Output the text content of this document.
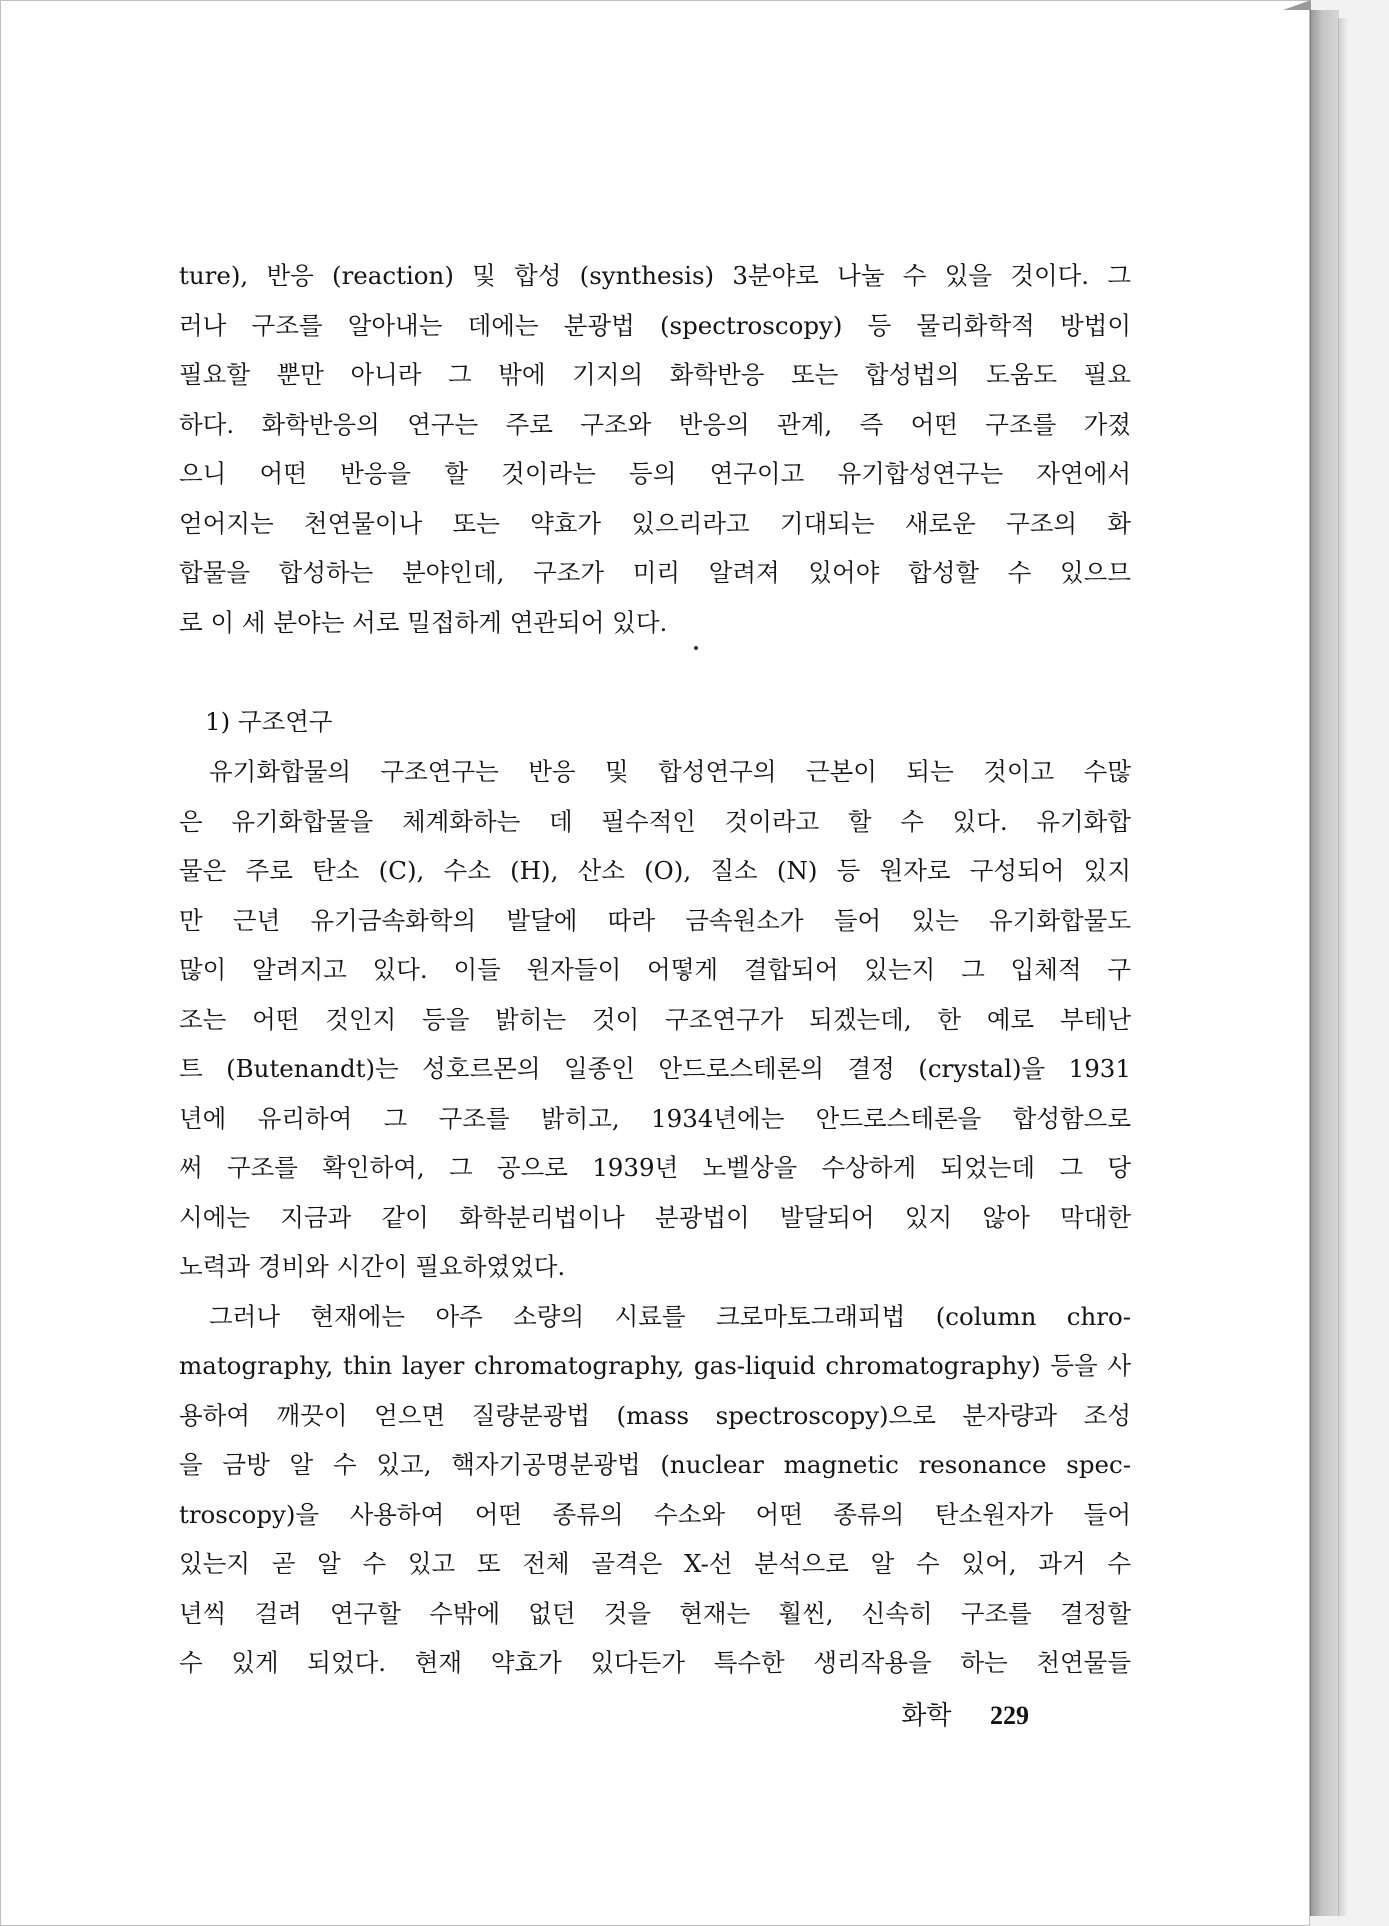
ture), 반응 (reaction) 및 합성 (synthesis) 3분야로 나눌 수 있을 것이다. 그
러나 구조를 알아내는 데에는 분광법 (spectroscopy) 등 물리화학적 방법이
필요할 뿐만 아니라 그 밖에 기지의 화학반응 또는 합성법의 도움도 필요
하다. 화학반응의 연구는 주로 구조와 반응의 관계, 즉 어떤 구조를 가졌
으니 어떤 반응을 할 것이라는 등의 연구이고 유기합성연구는 자연에서
얻어지는 천연물이나 또는 약효가 있으리라고 기대되는 새로운 구조의 화
합물을 합성하는 분야인데, 구조가 미리 알려져 있어야 합성할 수 있으므
로 이 세 분야는 서로 밀접하게 연관되어 있다.
1) 구조연구
유기화합물의 구조연구는 반응 및 합성연구의 근본이 되는 것이고 수많
은 유기화합물을 체계화하는 데 필수적인 것이라고 할 수 있다. 유기화합
물은 주로 탄소 (C), 수소 (H), 산소 (O), 질소 (N) 등 원자로 구성되어 있지
만 근년 유기금속화학의 발달에 따라 금속원소가 들어 있는 유기화합물도
많이 알려지고 있다. 이들 원자들이 어떻게 결합되어 있는지 그 입체적 구
조는 어떤 것인지 등을 밝히는 것이 구조연구가 되겠는데, 한 예로 부테난
트 (Butenandt)는 성호르몬의 일종인 안드로스테론의 결정 (crystal)을 1931
년에 유리하여 그 구조를 밝히고, 1934년에는 안드로스테론을 합성함으로
써 구조를 확인하여, 그 공으로 1939년 노벨상을 수상하게 되었는데 그 당
시에는 지금과 같이 화학분리법이나 분광법이 발달되어 있지 않아 막대한
노력과 경비와 시간이 필요하였었다.
그러나 현재에는 아주 소량의 시료를 크로마토그래피법 (column chro-
matography, thin layer chromatography, gas-liquid chromatography) 등을 사
용하여 깨끗이 얻으면 질량분광법 (mass spectroscopy)으로 분자량과 조성
을 금방 알 수 있고, 핵자기공명분광법 (nuclear magnetic resonance spec-
troscopy)을 사용하여 어떤 종류의 수소와 어떤 종류의 탄소원자가 들어
있는지 곧 알 수 있고 또 전체 골격은 X-선 분석으로 알 수 있어, 과거 수
년씩 걸려 연구할 수밖에 없던 것을 현재는 훨씬, 신속히 구조를 결정할
수 있게 되었다. 현재 약효가 있다든가 특수한 생리작용을 하는 천연물들
화학 229
